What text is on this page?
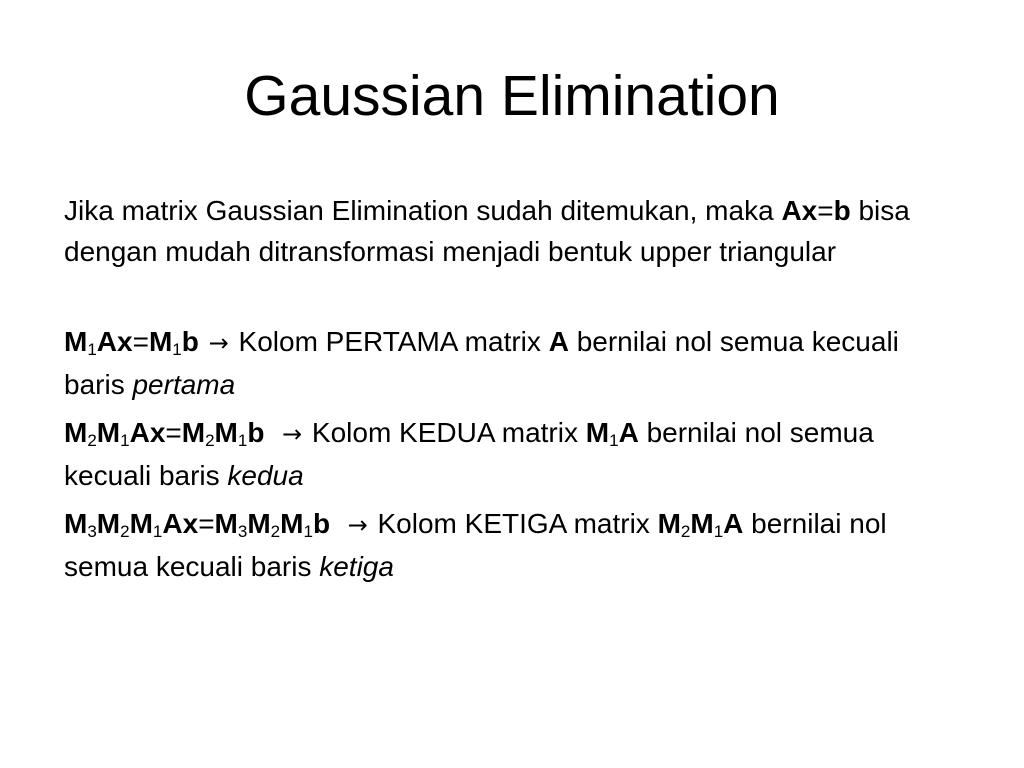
Gaussian Elimination

Jika matrix Gaussian Elimination sudah ditemukan, maka Ax=b bisa dengan mudah ditransformasi menjadi bentuk upper triangular

$M_1Ax=M_1b$ → Kolom PERTAMA matrix A bernilai nol semua kecuali baris pertama

$M_2M_1Ax=M_2M_1b$ → Kolom KEDUA matrix $M_1A$ bernilai nol semua kecuali baris kedua

$M_3M_2M_1Ax=M_3M_2M_1b$ → Kolom KETIGA matrix $M_2M_1A$ bernilai nol semua kecuali baris ketiga
